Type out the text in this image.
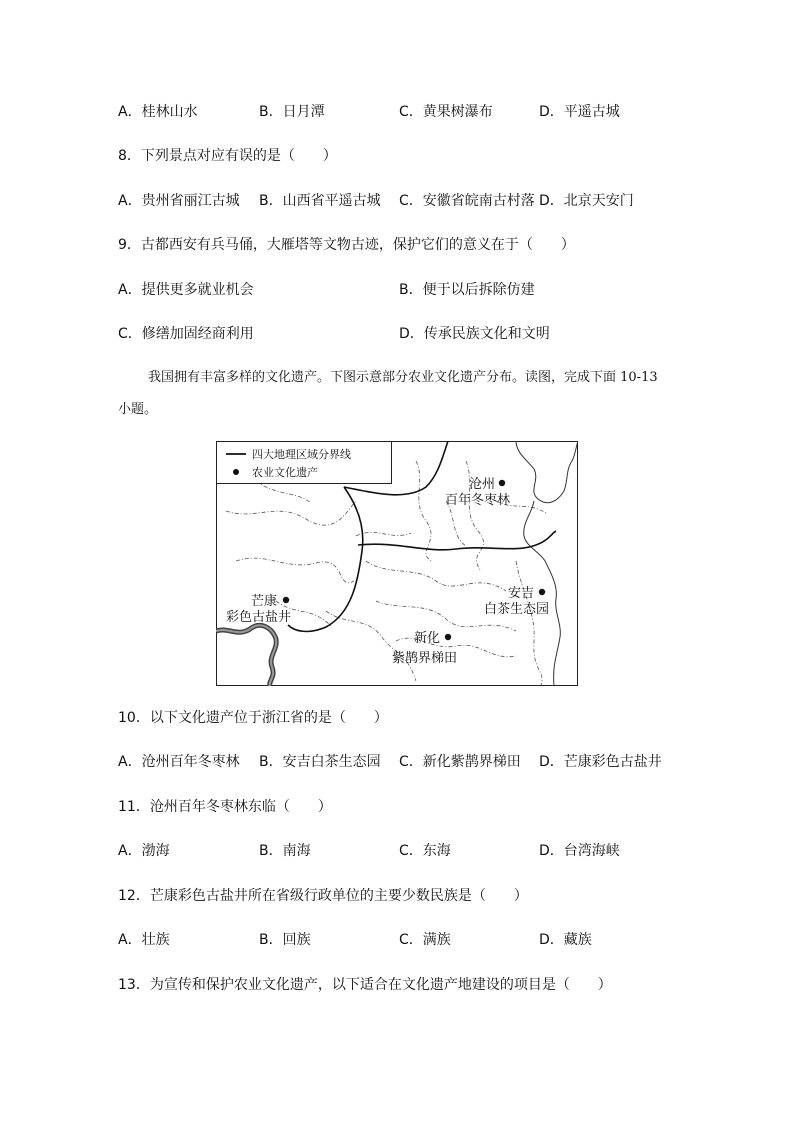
A．桂林山水	B．日月潭	C．黄果树瀑布	D．平遥古城
8．下列景点对应有误的是（　　）
A．贵州省丽江古城 B．山西省平遥古城 C．安徽省皖南古村落 D．北京天安门
9．古都西安有兵马俑，大雁塔等文物古迹，保护它们的意义在于（　　）
A．提供更多就业机会	B．便于以后拆除仿建
C．修缮加固经商利用	D．传承民族文化和文明
我国拥有丰富多样的文化遗产。下图示意部分农业文化遗产分布。读图，完成下面 10-13
小题。
四大地理区域分界线
农业文化遗产
沧州
百年冬枣林
芒康
彩色古盐井
安吉
白茶生态园
新化
紫鹊界梯田
10．以下文化遗产位于浙江省的是（　　）
A．沧州百年冬枣林 B．安吉白茶生态园 C．新化紫鹊界梯田 D．芒康彩色古盐井
11．沧州百年冬枣林东临（　　）
A．渤海	B．南海	C．东海	D．台湾海峡
12．芒康彩色古盐井所在省级行政单位的主要少数民族是（　　）
A．壮族	B．回族	C．满族	D．藏族
13．为宣传和保护农业文化遗产，以下适合在文化遗产地建设的项目是（　　）
